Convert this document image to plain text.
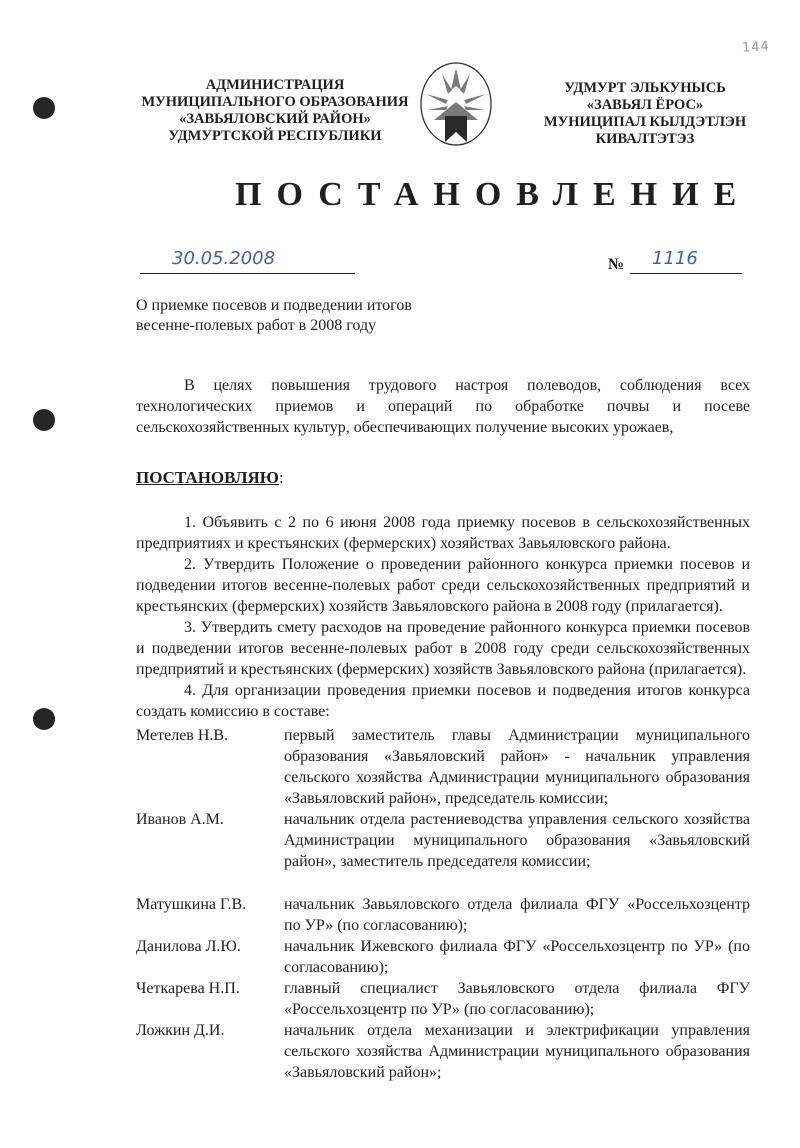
144
АДМИНИСТРАЦИЯ
МУНИЦИПАЛЬНОГО ОБРАЗОВАНИЯ
«ЗАВЬЯЛОВСКИЙ РАЙОН»
УДМУРТСКОЙ РЕСПУБЛИКИ
УДМУРТ ЭЛЬКУНЫСЬ
«ЗАВЬЯЛ ЁРОС»
МУНИЦИПАЛ КЫЛДЭТЛЭН
КИВАЛТЭТЭЗ
ПОСТАНОВЛЕНИЕ
30.05.2008	№ 1116
О приемке посевов и подведении итогов
весенне-полевых работ в 2008 году
В целях повышения трудового настроя полеводов, соблюдения всех технологических приемов и операций по обработке почвы и посеве сельскохозяйственных культур, обеспечивающих получение высоких урожаев,
ПОСТАНОВЛЯЮ:

1. Объявить с 2 по 6 июня 2008 года приемку посевов в сельскохозяйственных предприятиях и крестьянских (фермерских) хозяйствах Завьяловского района.

2. Утвердить Положение о проведении районного конкурса приемки посевов и подведении итогов весенне-полевых работ среди сельскохозяйственных предприятий и крестьянских (фермерских) хозяйств Завьяловского района в 2008 году (прилагается).

3. Утвердить смету расходов на проведение районного конкурса приемки посевов и подведении итогов весенне-полевых работ в 2008 году среди сельскохозяйственных предприятий и крестьянских (фермерских) хозяйств Завьяловского района (прилагается).

4. Для организации проведения приемки посевов и подведения итогов конкурса создать комиссию в составе:

Метелев Н.В.	первый заместитель главы Администрации муниципального образования «Завьяловский район» - начальник управления сельского хозяйства Администрации муниципального образования «Завьяловский район», председатель комиссии;
Иванов А.М.	начальник отдела растениеводства управления сельского хозяйства Администрации муниципального образования «Завьяловский район», заместитель председателя комиссии;
Матушкина Г.В.	начальник Завьяловского отдела филиала ФГУ «Россельхозцентр по УР» (по согласованию);
Данилова Л.Ю.	начальник Ижевского филиала ФГУ «Россельхозцентр по УР» (по согласованию);
Четкарева Н.П.	главный специалист Завьяловского отдела филиала ФГУ «Россельхозцентр по УР» (по согласованию);
Ложкин Д.И.	начальник отдела механизации и электрификации управления сельского хозяйства Администрации муниципального образования «Завьяловский район»;
